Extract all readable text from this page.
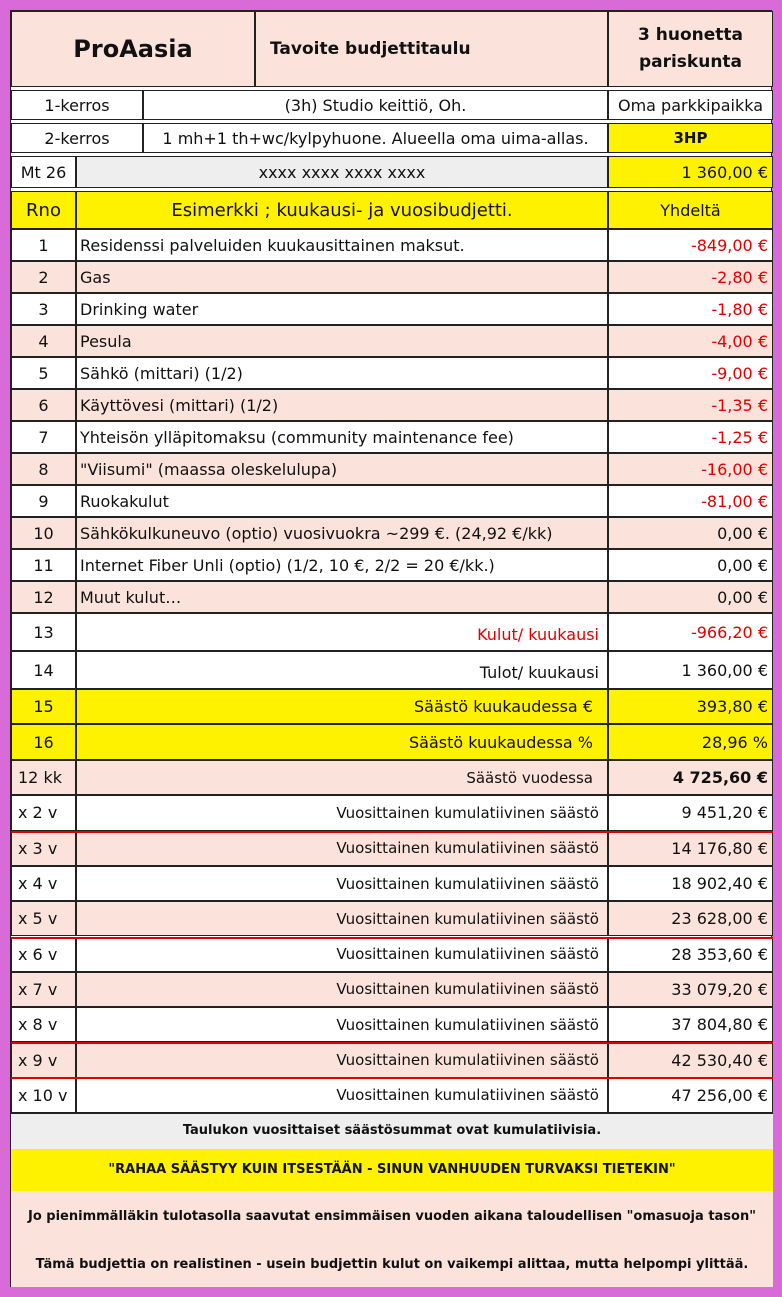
ProAasia	Tavoite budjettitaulu
3 huonetta
pariskunta
1-kerros	(3h) Studio keittiö, Oh.	Oma parkkipaikka
2-kerros	1 mh+1 th+wc/kylpyhuone. Alueella oma uima-allas.	3HP
Mt 26	xxxx xxxx xxxx xxxx	1 360,00 €
Rno	Esimerkki ; kuukausi- ja vuosibudjetti.	Yhdeltä
1	Residenssi palveluiden kuukausittainen maksut.	-849,00 €
2	Gas	-2,80 €
3	Drinking water	-1,80 €
4	Pesula	-4,00 €
5	Sähkö (mittari) (1/2)	-9,00 €
6	Käyttövesi (mittari) (1/2)	-1,35 €
7	Yhteisön ylläpitomaksu (community maintenance fee)	-1,25 €
8	"Viisumi" (maassa oleskelulupa)	-16,00 €
9	Ruokakulut	-81,00 €
10	Sähkökulkuneuvo (optio) vuosivuokra ~299 €. (24,92 €/kk)	0,00 €
11	Internet Fiber Unli (optio) (1/2, 10 €, 2/2 = 20 €/kk.)	0,00 €
12	Muut kulut…	0,00 €
13	Kulut/ kuukausi	-966,20 €
14	Tulot/ kuukausi	1 360,00 €
15	Säästö kuukaudessa €	393,80 €
16	Säästö kuukaudessa %	28,96 %
12 kk	Säästö vuodessa	4 725,60 €
x 2 v	Vuosittainen kumulatiivinen säästö	9 451,20 €
x 3 v	Vuosittainen kumulatiivinen säästö	14 176,80 €
x 4 v	Vuosittainen kumulatiivinen säästö	18 902,40 €
x 5 v	Vuosittainen kumulatiivinen säästö	23 628,00 €
x 6 v	Vuosittainen kumulatiivinen säästö	28 353,60 €
x 7 v	Vuosittainen kumulatiivinen säästö	33 079,20 €
x 8 v	Vuosittainen kumulatiivinen säästö	37 804,80 €
x 9 v	Vuosittainen kumulatiivinen säästö	42 530,40 €
x 10 v	Vuosittainen kumulatiivinen säästö	47 256,00 €
Taulukon vuosittaiset säästösummat ovat kumulatiivisia.
"RAHAA SÄÄSTYY KUIN ITSESTÄÄN - SINUN VANHUUDEN TURVAKSI TIETEKIN"
Jo pienimmälläkin tulotasolla saavutat ensimmäisen vuoden aikana taloudellisen "omasuoja tason"
Tämä budjettia on realistinen - usein budjettin kulut on vaikempi alittaa, mutta helpompi ylittää.
